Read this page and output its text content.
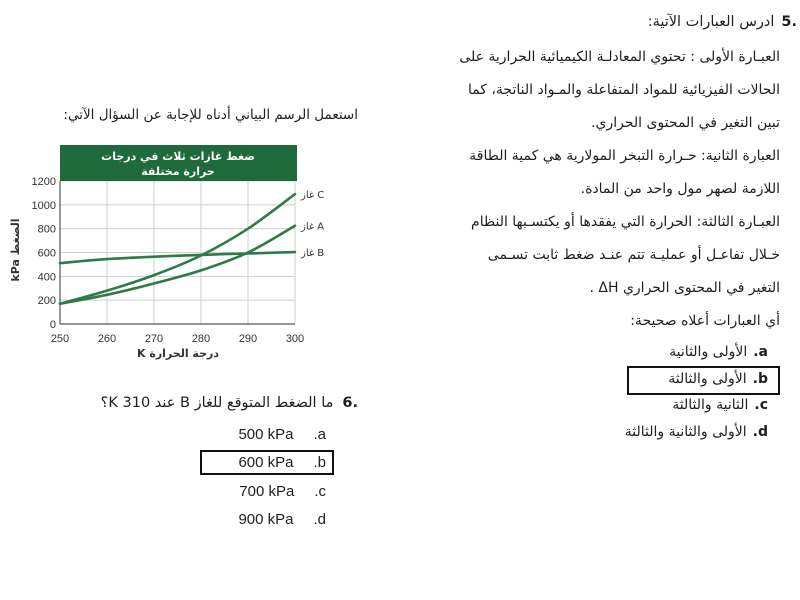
5.
ادرس العبارات الآتية:
العبـارة الأولى : تحتوي المعادلـة الكيميائية الحرارية على
الحالات الفيزيائية للمواد المتفاعلة والمـواد الناتجة، كما
تبين التغير في المحتوى الحراري.
العبارة الثانية: حـرارة التبخر المولارية هي كمية الطاقة
اللازمة لصهر مول واحد من المادة.
العبـارة الثالثة: الحرارة التي يفقدها أو يكتسـبها النظام
خـلال تفاعـل أو عمليـة تتم عنـد ضغط ثابت تسـمى
التغير في المحتوى الحراري ΔH .
أي العبارات أعلاه صحيحة:
.a
الأولى والثانية
.b
الأولى والثالثة
.c
الثانية والثالثة
.d
الأولى والثانية والثالثة
استعمل الرسم البياني أدناه للإجابة عن السؤال الآتي:
ضغط غازات ثلاث في درجات
حرارة مختلفة
0
200
400
600
800
1000
1200
250	260	270	280	290	300
غاز C
غاز A
غاز B
الضغط kPa
درجة الحرارة K
6.
ما الضغط المتوقع للغاز B عند 310 K؟
.a
500 kPa
.b
600 kPa
.c
700 kPa
.d
900 kPa
